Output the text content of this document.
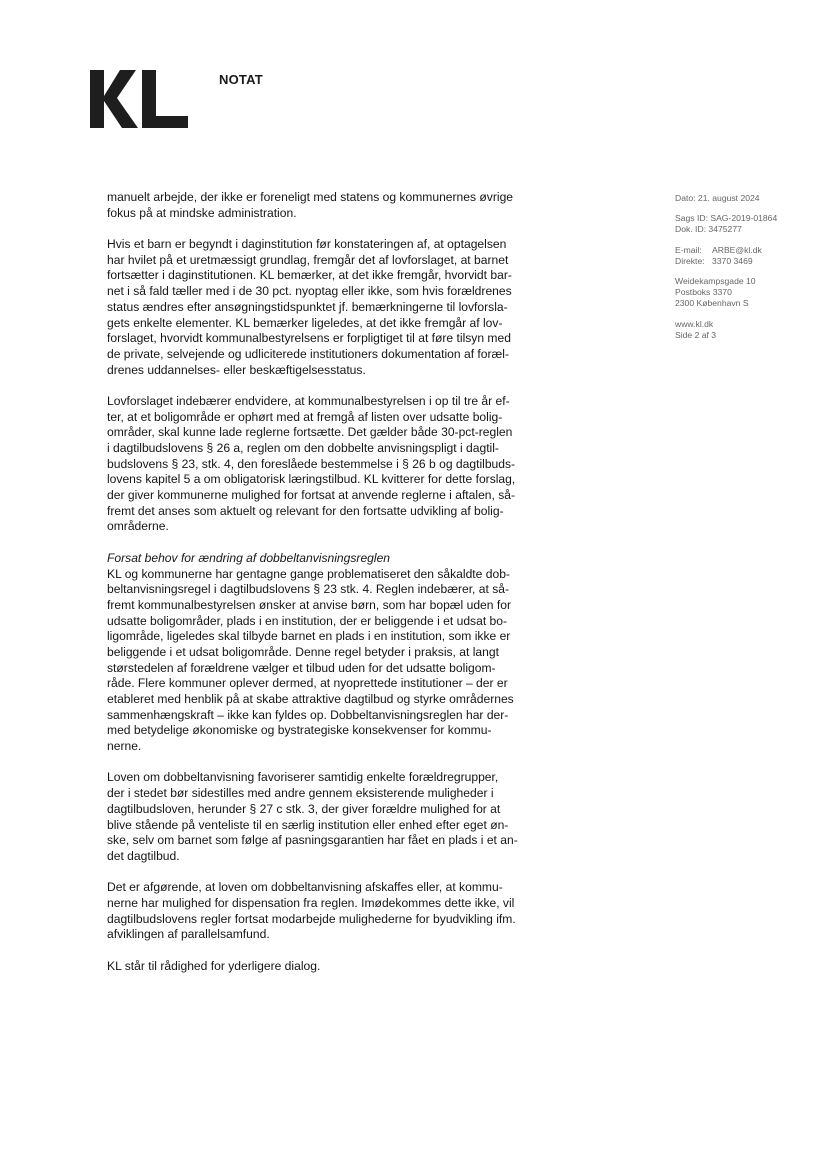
NOTAT
Dato: 21. august 2024
Sags ID: SAG-2019-01864
Dok. ID: 3475277
E-mail: ARBE@kl.dk
Direkte: 3370 3469
Weidekampsgade 10
Postboks 3370
2300 København S
www.kl.dk
Side 2 af 3
manuelt arbejde, der ikke er foreneligt med statens og kommunernes øvrige
fokus på at mindske administration.
Hvis et barn er begyndt i daginstitution før konstateringen af, at optagelsen
har hvilet på et uretmæssigt grundlag, fremgår det af lovforslaget, at barnet
fortsætter i daginstitutionen. KL bemærker, at det ikke fremgår, hvorvidt bar-
net i så fald tæller med i de 30 pct. nyoptag eller ikke, som hvis forældrenes
status ændres efter ansøgningstidspunktet jf. bemærkningerne til lovforsla-
gets enkelte elementer. KL bemærker ligeledes, at det ikke fremgår af lov-
forslaget, hvorvidt kommunalbestyrelsens er forpligtiget til at føre tilsyn med
de private, selvejende og udliciterede institutioners dokumentation af foræl-
drenes uddannelses- eller beskæftigelsesstatus.
Lovforslaget indebærer endvidere, at kommunalbestyrelsen i op til tre år ef-
ter, at et boligområde er ophørt med at fremgå af listen over udsatte bolig-
områder, skal kunne lade reglerne fortsætte. Det gælder både 30-pct-reglen
i dagtilbudslovens § 26 a, reglen om den dobbelte anvisningspligt i dagtil-
budslovens § 23, stk. 4, den foreslåede bestemmelse i § 26 b og dagtilbuds-
lovens kapitel 5 a om obligatorisk læringstilbud. KL kvitterer for dette forslag,
der giver kommunerne mulighed for fortsat at anvende reglerne i aftalen, så-
fremt det anses som aktuelt og relevant for den fortsatte udvikling af bolig-
områderne.
Forsat behov for ændring af dobbeltanvisningsreglen
KL og kommunerne har gentagne gange problematiseret den såkaldte dob-
beltanvisningsregel i dagtilbudslovens § 23 stk. 4. Reglen indebærer, at så-
fremt kommunalbestyrelsen ønsker at anvise børn, som har bopæl uden for
udsatte boligområder, plads i en institution, der er beliggende i et udsat bo-
ligområde, ligeledes skal tilbyde barnet en plads i en institution, som ikke er
beliggende i et udsat boligområde. Denne regel betyder i praksis, at langt
størstedelen af forældrene vælger et tilbud uden for det udsatte boligom-
råde. Flere kommuner oplever dermed, at nyoprettede institutioner – der er
etableret med henblik på at skabe attraktive dagtilbud og styrke områdernes
sammenhængskraft – ikke kan fyldes op. Dobbeltanvisningsreglen har der-
med betydelige økonomiske og bystrategiske konsekvenser for kommu-
nerne.
Loven om dobbeltanvisning favoriserer samtidig enkelte forældregrupper,
der i stedet bør sidestilles med andre gennem eksisterende muligheder i
dagtilbudsloven, herunder § 27 c stk. 3, der giver forældre mulighed for at
blive stående på venteliste til en særlig institution eller enhed efter eget øn-
ske, selv om barnet som følge af pasningsgarantien har fået en plads i et an-
det dagtilbud.
Det er afgørende, at loven om dobbeltanvisning afskaffes eller, at kommu-
nerne har mulighed for dispensation fra reglen. Imødekommes dette ikke, vil
dagtilbudslovens regler fortsat modarbejde mulighederne for byudvikling ifm.
afviklingen af parallelsamfund.
KL står til rådighed for yderligere dialog.
